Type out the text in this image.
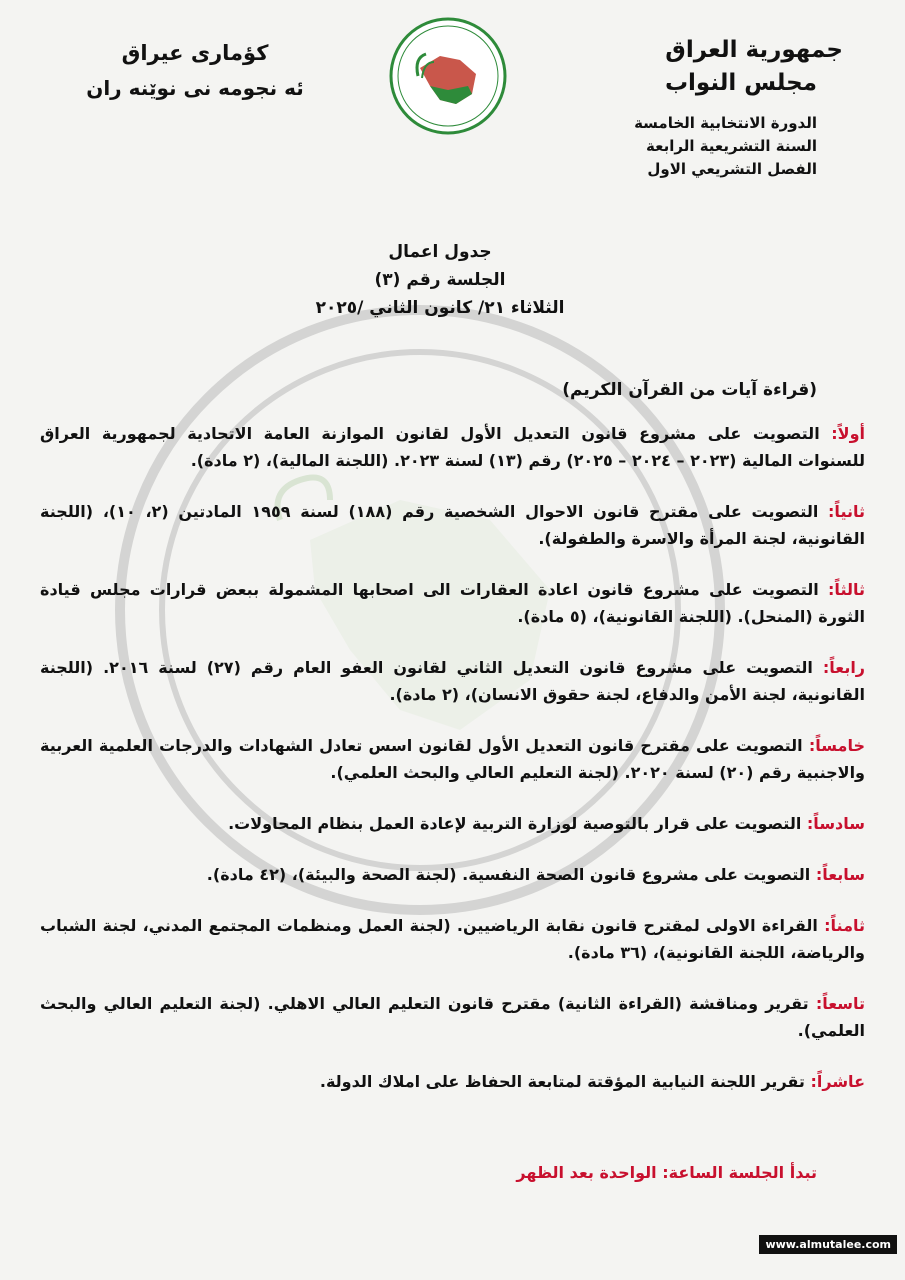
جمهورية العراق
مجلس النواب
الدورة الانتخابية الخامسة
السنة التشريعية الرابعة
الفصل التشريعي الاول
كؤمارى عيراق
ئه نجومه نى نوێنه ران
جدول اعمال
الجلسة رقم (٣)
الثلاثاء ٢١/ كانون الثاني /٢٠٢٥
(قراءة آيات من القرآن الكريم)
أولاً: التصويت على مشروع قانون التعديل الأول لقانون الموازنة العامة الاتحادية لجمهورية العراق للسنوات المالية (٢٠٢٣ – ٢٠٢٤ – ٢٠٢٥) رقم (١٣) لسنة ٢٠٢٣. (اللجنة المالية)، (٢ مادة).
ثانياً: التصويت على مقترح قانون الاحوال الشخصية رقم (١٨٨) لسنة ١٩٥٩ المادتين (٢، ١٠)، (اللجنة القانونية، لجنة المرأة والاسرة والطفولة).
ثالثاً: التصويت على مشروع قانون اعادة العقارات الى اصحابها المشمولة ببعض قرارات مجلس قيادة الثورة (المنحل). (اللجنة القانونية)، (٥ مادة).
رابعاً: التصويت على مشروع قانون التعديل الثاني لقانون العفو العام رقم (٢٧) لسنة ٢٠١٦. (اللجنة القانونية، لجنة الأمن والدفاع، لجنة حقوق الانسان)، (٢ مادة).
خامساً: التصويت على مقترح قانون التعديل الأول لقانون اسس تعادل الشهادات والدرجات العلمية العربية والاجنبية رقم (٢٠) لسنة ٢٠٢٠. (لجنة التعليم العالي والبحث العلمي).
سادساً: التصويت على قرار بالتوصية لوزارة التربية لإعادة العمل بنظام المحاولات.
سابعاً: التصويت على مشروع قانون الصحة النفسية. (لجنة الصحة والبيئة)، (٤٢ مادة).
ثامناً: القراءة الاولى لمقترح قانون نقابة الرياضيين. (لجنة العمل ومنظمات المجتمع المدني، لجنة الشباب والرياضة، اللجنة القانونية)، (٣٦ مادة).
تاسعاً: تقرير ومناقشة (القراءة الثانية) مقترح قانون التعليم العالي الاهلي. (لجنة التعليم العالي والبحث العلمي).
عاشراً: تقرير اللجنة النيابية المؤقتة لمتابعة الحفاظ على املاك الدولة.
تبدأ الجلسة الساعة: الواحدة بعد الظهر
www.almutalee.com
